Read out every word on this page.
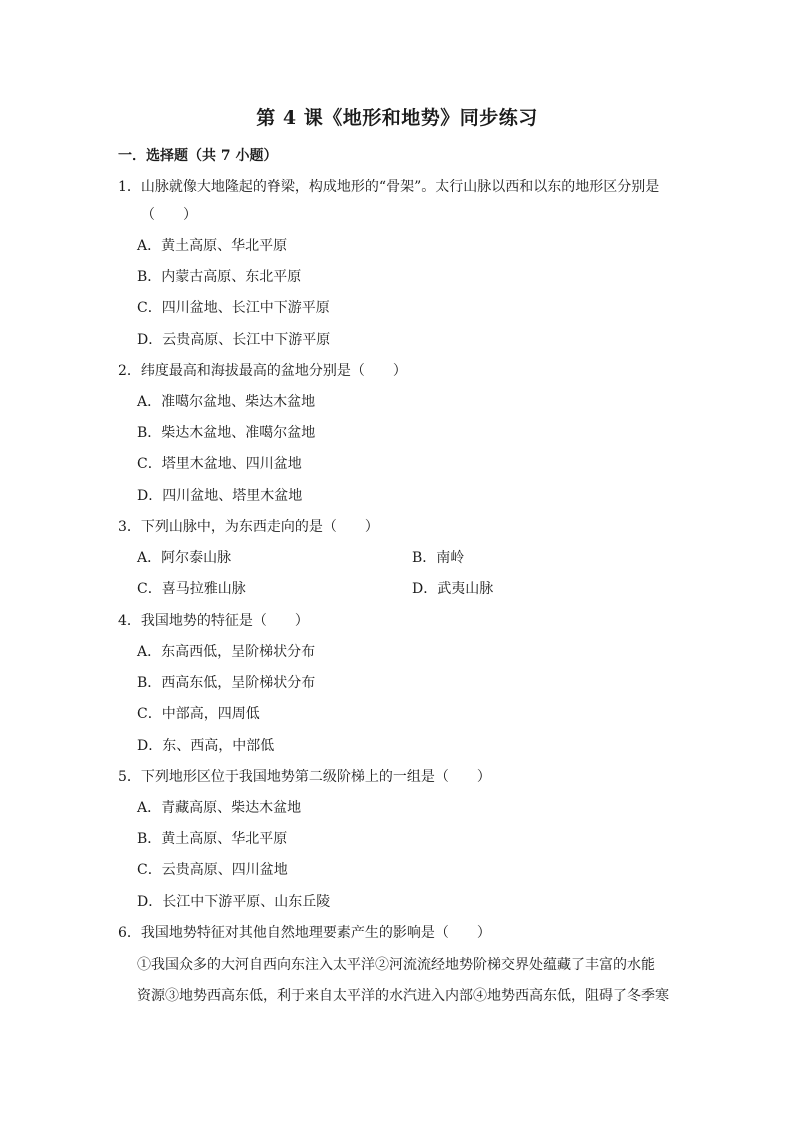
第 4 课《地形和地势》同步练习
一．选择题（共 7 小题）
1．山脉就像大地隆起的脊梁，构成地形的“骨架”。太行山脉以西和以东的地形区分别是
（　　）
A．黄土高原、华北平原
B．内蒙古高原、东北平原
C．四川盆地、长江中下游平原
D．云贵高原、长江中下游平原
2．纬度最高和海拔最高的盆地分别是（　　）
A．准噶尔盆地、柴达木盆地
B．柴达木盆地、准噶尔盆地
C．塔里木盆地、四川盆地
D．四川盆地、塔里木盆地
3．下列山脉中，为东西走向的是（　　）
A．阿尔泰山脉	B．南岭
C．喜马拉雅山脉	D．武夷山脉
4．我国地势的特征是（　　）
A．东高西低，呈阶梯状分布
B．西高东低，呈阶梯状分布
C．中部高，四周低
D．东、西高，中部低
5．下列地形区位于我国地势第二级阶梯上的一组是（　　）
A．青藏高原、柴达木盆地
B．黄土高原、华北平原
C．云贵高原、四川盆地
D．长江中下游平原、山东丘陵
6．我国地势特征对其他自然地理要素产生的影响是（　　）
①我国众多的大河自西向东注入太平洋②河流流经地势阶梯交界处蕴藏了丰富的水能
资源③地势西高东低，利于来自太平洋的水汽进入内部④地势西高东低，阻碍了冬季寒
